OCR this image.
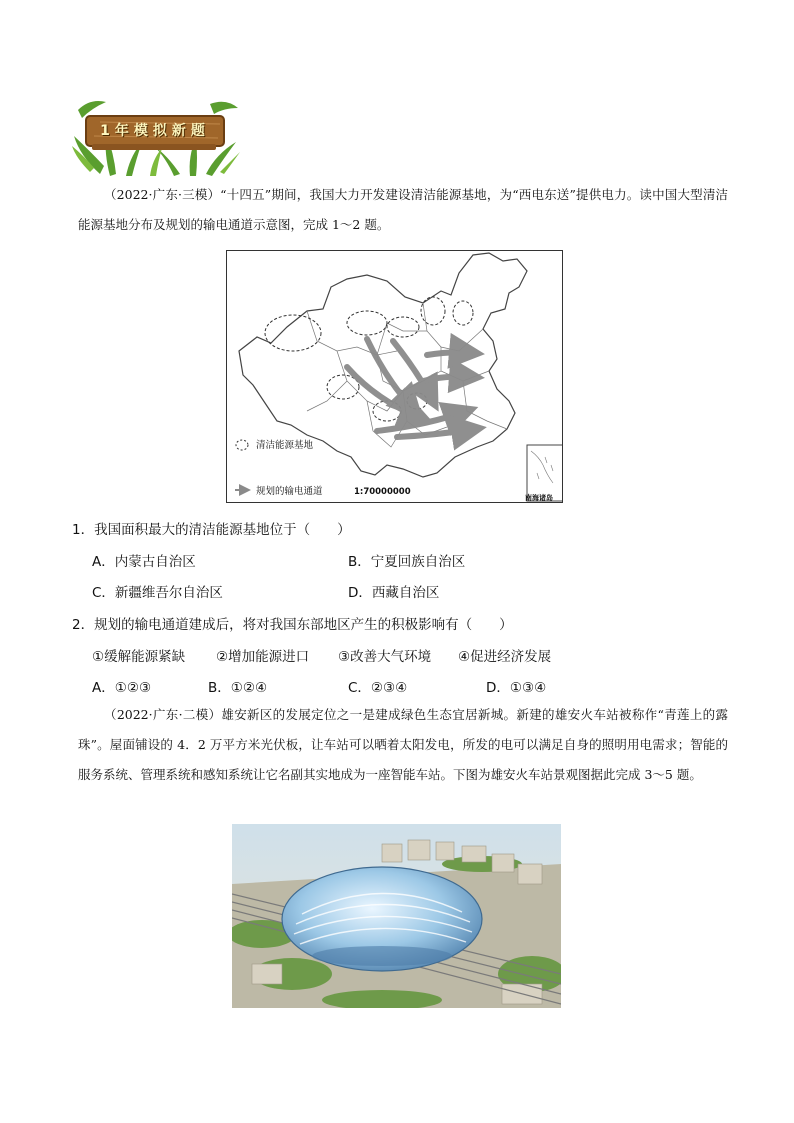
1年模拟新题
（2022·广东·三模）“十四五”期间，我国大力开发建设清洁能源基地，为“西电东送”提供电力。读中国大型清洁能源基地分布及规划的输电通道示意图，完成 1～2 题。
清洁能源基地
规划的输电通道	1:70000000
南海诸岛
1．我国面积最大的清洁能源基地位于（　　）
A．内蒙古自治区	B．宁夏回族自治区
C．新疆维吾尔自治区	D．西藏自治区
2．规划的输电通道建成后，将对我国东部地区产生的积极影响有（　　）
①缓解能源紧缺 ②增加能源进口 ③改善大气环境 ④促进经济发展
A．①②③	B．①②④	C．②③④	D．①③④
（2022·广东·二模）雄安新区的发展定位之一是建成绿色生态宜居新城。新建的雄安火车站被称作“青莲上的露珠”。屋面铺设的 4．2 万平方米光伏板，让车站可以晒着太阳发电，所发的电可以满足自身的照明用电需求；智能的服务系统、管理系统和感知系统让它名副其实地成为一座智能车站。下图为雄安火车站景观图据此完成 3～5 题。
